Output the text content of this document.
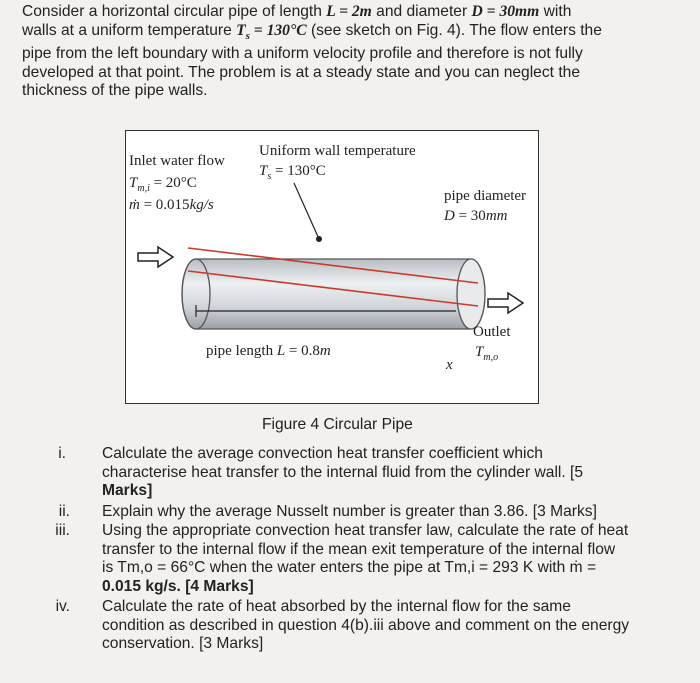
Consider a horizontal circular pipe of length L = 2m and diameter D = 30mm with
walls at a uniform temperature $T_s = 130^\circ C$ (see sketch on Fig. 4). The flow enters the
pipe from the left boundary with a uniform velocity profile and therefore is not fully
developed at that point. The problem is at a steady state and you can neglect the
thickness of the pipe walls.
Inlet water flow
$T_{m,i} = 20^\circ C$
ṁ = 0.015kg/s
Uniform wall temperature
$T_s = 130^\circ C$
pipe diameter
D = 30mm
pipe length L = 0.8m
x
Outlet
$T_{m,o}$
Figure 4 Circular Pipe
i. Calculate the average convection heat transfer coefficient which
characterise heat transfer to the internal fluid from the cylinder wall. [5
Marks]
ii. Explain why the average Nusselt number is greater than 3.86. [3 Marks]
iii. Using the appropriate convection heat transfer law, calculate the rate of heat
transfer to the internal flow if the mean exit temperature of the internal flow
is Tm,o = 66°C when the water enters the pipe at Tm,i = 293 K with ṁ =
0.015 kg/s. [4 Marks]
iv. Calculate the rate of heat absorbed by the internal flow for the same
condition as described in question 4(b).iii above and comment on the energy
conservation. [3 Marks]
